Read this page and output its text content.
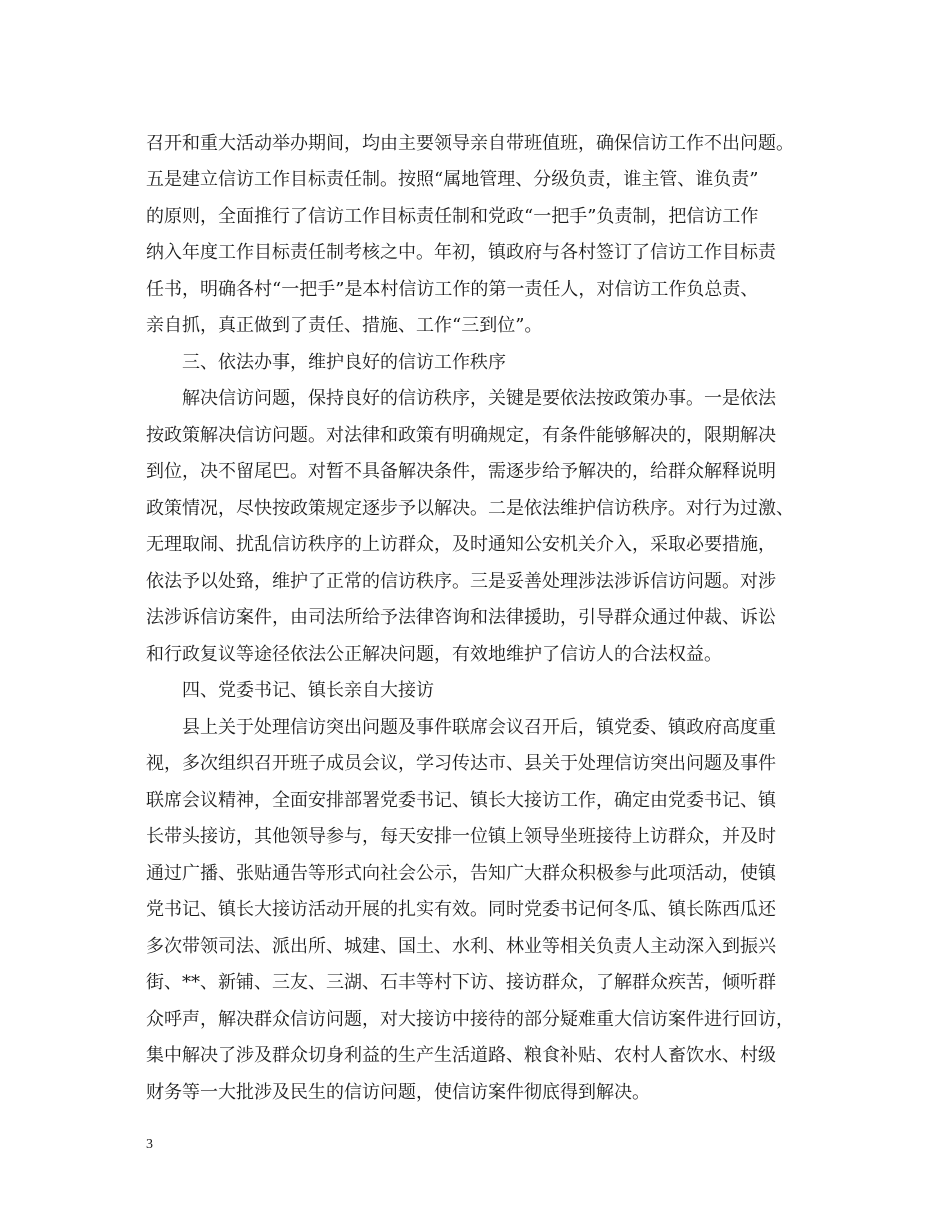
召开和重大活动举办期间，均由主要领导亲自带班值班，确保信访工作不出问题。

五是建立信访工作目标责任制。按照“属地管理、分级负责，谁主管、谁负责”

的原则，全面推行了信访工作目标责任制和党政“一把手”负责制，把信访工作

纳入年度工作目标责任制考核之中。年初，镇政府与各村签订了信访工作目标责

任书，明确各村“一把手”是本村信访工作的第一责任人，对信访工作负总责、

亲自抓，真正做到了责任、措施、工作“三到位”。

三、依法办事，维护良好的信访工作秩序

解决信访问题，保持良好的信访秩序，关键是要依法按政策办事。一是依法

按政策解决信访问题。对法律和政策有明确规定，有条件能够解决的，限期解决

到位，决不留尾巴。对暂不具备解决条件，需逐步给予解决的，给群众解释说明

政策情况，尽快按政策规定逐步予以解决。二是依法维护信访秩序。对行为过激、

无理取闹、扰乱信访秩序的上访群众，及时通知公安机关介入，采取必要措施，

依法予以处臵，维护了正常的信访秩序。三是妥善处理涉法涉诉信访问题。对涉

法涉诉信访案件，由司法所给予法律咨询和法律援助，引导群众通过仲裁、诉讼

和行政复议等途径依法公正解决问题，有效地维护了信访人的合法权益。

四、党委书记、镇长亲自大接访

县上关于处理信访突出问题及事件联席会议召开后，镇党委、镇政府高度重

视，多次组织召开班子成员会议，学习传达市、县关于处理信访突出问题及事件

联席会议精神，全面安排部署党委书记、镇长大接访工作，确定由党委书记、镇

长带头接访，其他领导参与，每天安排一位镇上领导坐班接待上访群众，并及时

通过广播、张贴通告等形式向社会公示，告知广大群众积极参与此项活动，使镇

党书记、镇长大接访活动开展的扎实有效。同时党委书记何冬瓜、镇长陈西瓜还

多次带领司法、派出所、城建、国土、水利、林业等相关负责人主动深入到振兴

街、**、新铺、三友、三湖、石丰等村下访、接访群众，了解群众疾苦，倾听群

众呼声，解决群众信访问题，对大接访中接待的部分疑难重大信访案件进行回访，

集中解决了涉及群众切身利益的生产生活道路、粮食补贴、农村人畜饮水、村级

财务等一大批涉及民生的信访问题，使信访案件彻底得到解决。

3
